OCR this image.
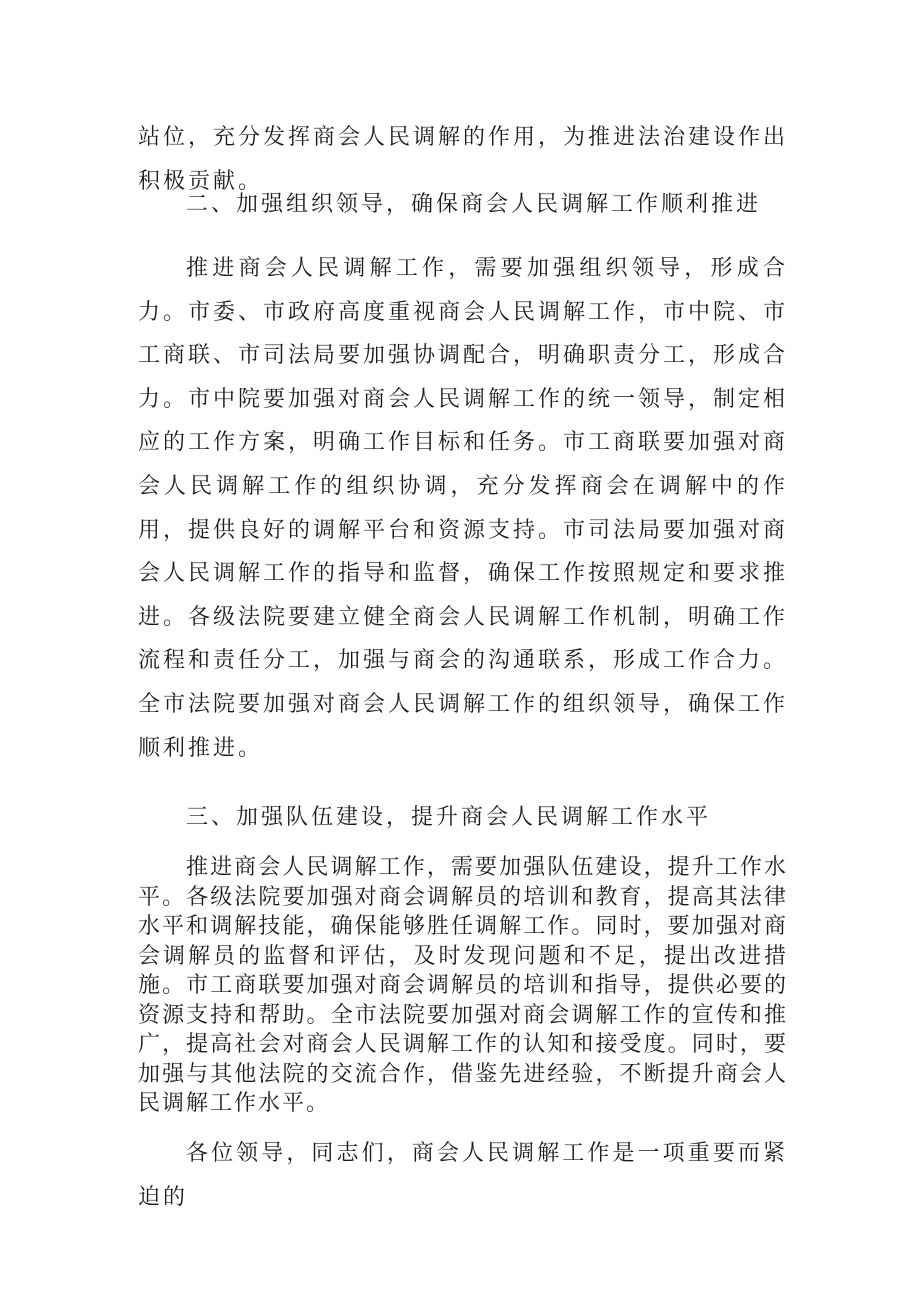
站位，充分发挥商会人民调解的作用，为推进法治建设作出积极贡献。

二、加强组织领导，确保商会人民调解工作顺利推进

推进商会人民调解工作，需要加强组织领导，形成合力。市委、市政府高度重视商会人民调解工作，市中院、市工商联、市司法局要加强协调配合，明确职责分工，形成合力。市中院要加强对商会人民调解工作的统一领导，制定相应的工作方案，明确工作目标和任务。市工商联要加强对商会人民调解工作的组织协调，充分发挥商会在调解中的作用，提供良好的调解平台和资源支持。市司法局要加强对商会人民调解工作的指导和监督，确保工作按照规定和要求推进。各级法院要建立健全商会人民调解工作机制，明确工作流程和责任分工，加强与商会的沟通联系，形成工作合力。全市法院要加强对商会人民调解工作的组织领导，确保工作顺利推进。

三、加强队伍建设，提升商会人民调解工作水平

推进商会人民调解工作，需要加强队伍建设，提升工作水平。各级法院要加强对商会调解员的培训和教育，提高其法律水平和调解技能，确保能够胜任调解工作。同时，要加强对商会调解员的监督和评估，及时发现问题和不足，提出改进措施。市工商联要加强对商会调解员的培训和指导，提供必要的资源支持和帮助。全市法院要加强对商会调解工作的宣传和推广，提高社会对商会人民调解工作的认知和接受度。同时，要加强与其他法院的交流合作，借鉴先进经验，不断提升商会人民调解工作水平。

各位领导，同志们，商会人民调解工作是一项重要而紧迫的
